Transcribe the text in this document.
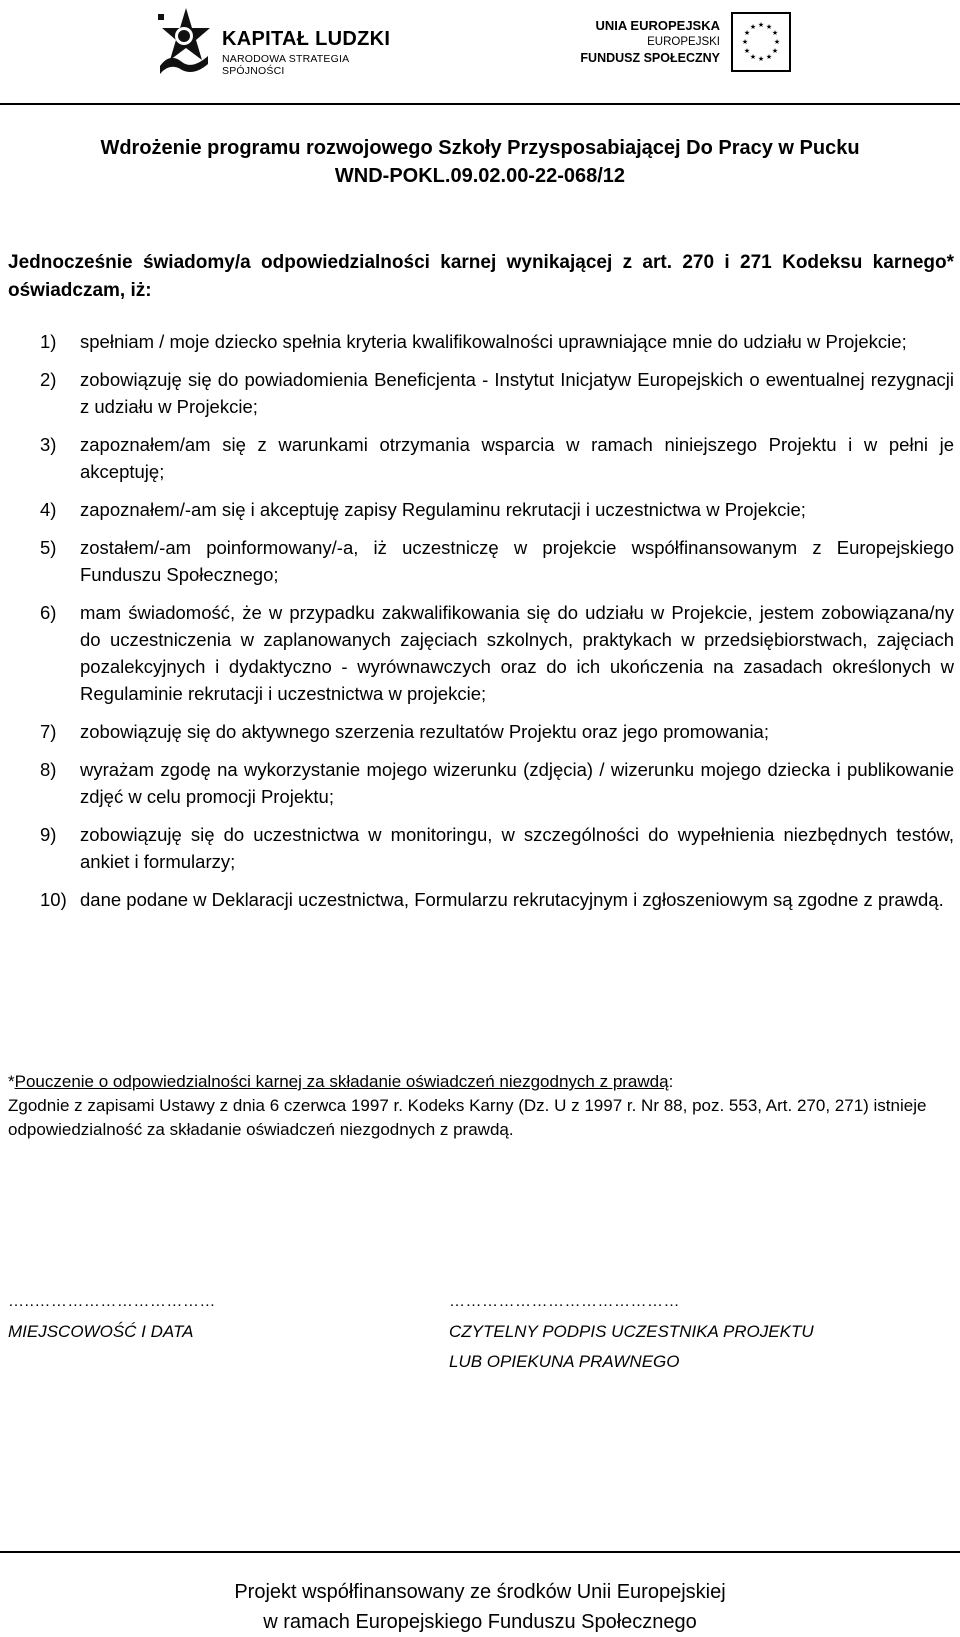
KAPITAŁ LUDZKI
NARODOWA STRATEGIA SPÓJNOŚCI
UNIA EUROPEJSKA
EUROPEJSKI
FUNDUSZ SPOŁECZNY
★ ★
★
★
★
★
★
★
★
★
★
★
Wdrożenie programu rozwojowego Szkoły Przysposabiającej Do Pracy w Pucku
WND-POKL.09.02.00-22-068/12
Jednocześnie świadomy/a odpowiedzialności karnej wynikającej z art. 270 i 271 Kodeksu karnego* oświadczam, iż:
1) spełniam / moje dziecko spełnia kryteria kwalifikowalności uprawniające mnie do udziału w Projekcie;
2) zobowiązuję się do powiadomienia Beneficjenta - Instytut Inicjatyw Europejskich o ewentualnej rezygnacji z udziału w Projekcie;
3) zapoznałem/am się z warunkami otrzymania wsparcia w ramach niniejszego Projektu i w pełni je akceptuję;
4) zapoznałem/-am się i akceptuję zapisy Regulaminu rekrutacji i uczestnictwa w Projekcie;
5) zostałem/-am poinformowany/-a, iż uczestniczę w projekcie współfinansowanym z Europejskiego Funduszu Społecznego;
6) mam świadomość, że w przypadku zakwalifikowania się do udziału w Projekcie, jestem zobowiązana/ny do uczestniczenia w zaplanowanych zajęciach szkolnych, praktykach w przedsiębiorstwach, zajęciach pozalekcyjnych i dydaktyczno - wyrównawczych oraz do ich ukończenia na zasadach określonych w Regulaminie rekrutacji i uczestnictwa w projekcie;
7) zobowiązuję się do aktywnego szerzenia rezultatów Projektu oraz jego promowania;
8) wyrażam zgodę na wykorzystanie mojego wizerunku (zdjęcia) / wizerunku mojego dziecka i publikowanie zdjęć w celu promocji Projektu;
9) zobowiązuję się do uczestnictwa w monitoringu, w szczególności do wypełnienia niezbędnych testów, ankiet i formularzy;
10) dane podane w Deklaracji uczestnictwa, Formularzu rekrutacyjnym i zgłoszeniowym są zgodne z prawdą.
*Pouczenie o odpowiedzialności karnej za składanie oświadczeń niezgodnych z prawdą:
Zgodnie z zapisami Ustawy z dnia 6 czerwca 1997 r. Kodeks Karny (Dz. U z 1997 r. Nr 88, poz. 553, Art. 270, 271) istnieje odpowiedzialność za składanie oświadczeń niezgodnych z prawdą.
…..……………………………
MIEJSCOWOŚĆ I DATA
……………………………………
CZYTELNY PODPIS UCZESTNIKA PROJEKTU
LUB OPIEKUNA PRAWNEGO
Projekt współfinansowany ze środków Unii Europejskiej
w ramach Europejskiego Funduszu Społecznego
